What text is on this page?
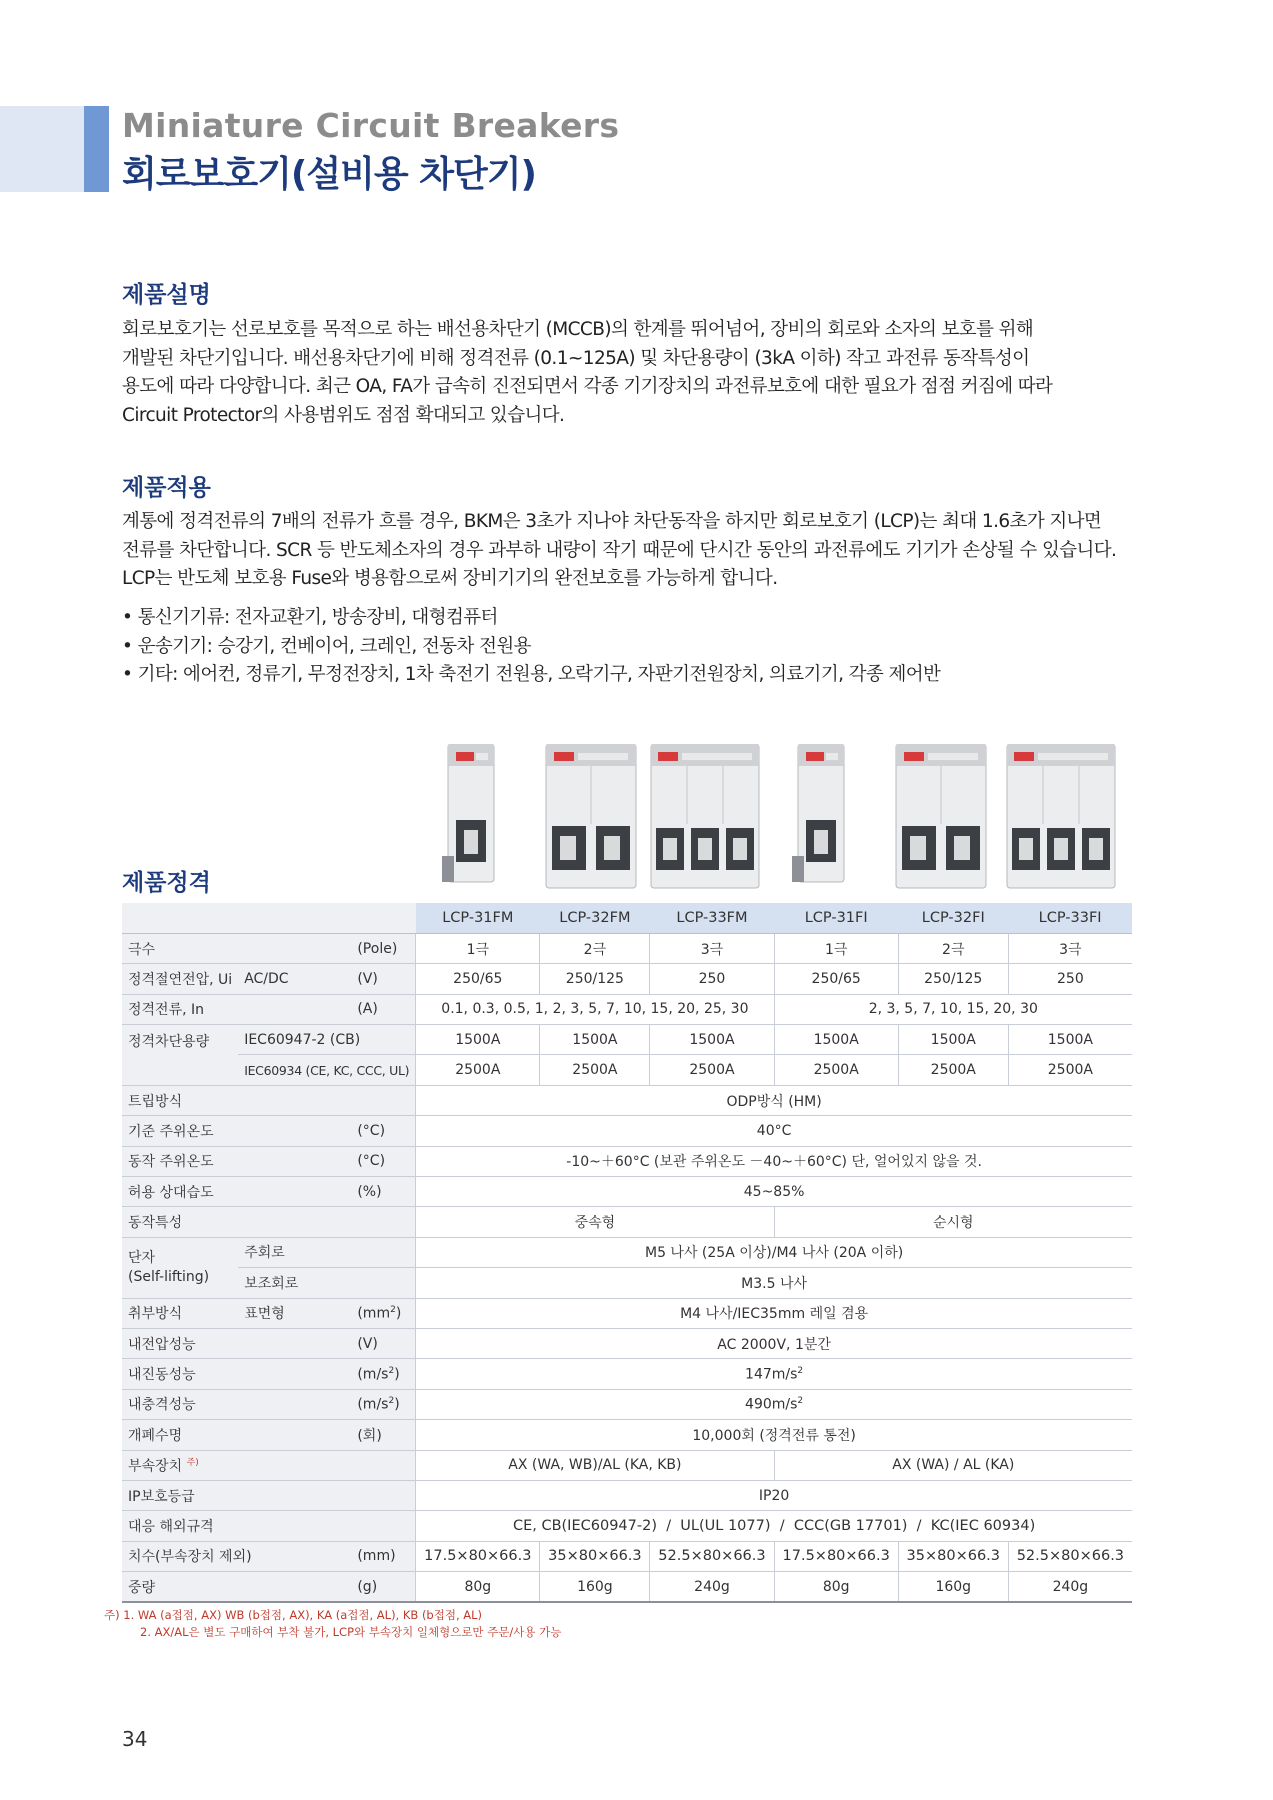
Miniature Circuit Breakers
회로보호기(설비용 차단기)
제품설명
회로보호기는 선로보호를 목적으로 하는 배선용차단기 (MCCB)의 한계를 뛰어넘어, 장비의 회로와 소자의 보호를 위해
개발된 차단기입니다. 배선용차단기에 비해 정격전류 (0.1~125A) 및 차단용량이 (3kA 이하) 작고 과전류 동작특성이
용도에 따라 다양합니다. 최근 OA, FA가 급속히 진전되면서 각종 기기장치의 과전류보호에 대한 필요가 점점 커짐에 따라
Circuit Protector의 사용범위도 점점 확대되고 있습니다.
제품적용
계통에 정격전류의 7배의 전류가 흐를 경우, BKM은 3초가 지나야 차단동작을 하지만 회로보호기 (LCP)는 최대 1.6초가 지나면
전류를 차단합니다. SCR 등 반도체소자의 경우 과부하 내량이 작기 때문에 단시간 동안의 과전류에도 기기가 손상될 수 있습니다.
LCP는 반도체 보호용 Fuse와 병용함으로써 장비기기의 완전보호를 가능하게 합니다.
• 통신기기류: 전자교환기, 방송장비, 대형컴퓨터
• 운송기기: 승강기, 컨베이어, 크레인, 전동차 전원용
• 기타: 에어컨, 정류기, 무정전장치, 1차 축전기 전원용, 오락기구, 자판기전원장치, 의료기기, 각종 제어반
제품정격
			LCP-31FM	LCP-32FM	LCP-33FM	LCP-31FI	LCP-32FI	LCP-33FI
극수		(Pole)	1극	2극	3극	1극	2극	3극
정격절연전압, Ui	AC/DC	(V)	250/65	250/125	250	250/65	250/125	250
정격전류, In		(A)	0.1, 0.3, 0.5, 1, 2, 3, 5, 7, 10, 15, 20, 25, 30			2, 3, 5, 7, 10, 15, 20, 30		
정격차단용량	IEC60947-2 (CB)		1500A	1500A	1500A	1500A	1500A	1500A
	IEC60934 (CE, KC, CCC, UL)		2500A	2500A	2500A	2500A	2500A	2500A
트립방식			ODP방식 (HM)					
기준 주위온도		(°C)	40°C					
동작 주위온도		(°C)	-10~＋60°C (보관 주위온도 －40~＋60°C) 단, 얼어있지 않을 것.					
허용 상대습도		(%)	45~85%					
동작특성			중속형			순시형		

단자
(Self-lifting)	주회로		M5 나사 (25A 이상)/M4 나사 (20A 이하)					
	보조회로		M3.5 나사					
취부방식	표면형	$(mm^2)$	M4 나사/IEC35mm 레일 겸용					
내전압성능		(V)	AC 2000V, 1분간					
내진동성능		$(m/s^2)$	$147m/s^2$
내충격성능		$(m/s^2)$	$490m/s^2$
개폐수명		(회)	10,000회 (정격전류 통전)					
부속장치 $^{주)}$			AX (WA, WB)/AL (KA, KB)			AX (WA) / AL (KA)		
IP보호등급			IP20					
대응 해외규격			CE, CB(IEC60947-2)  /  UL(UL 1077)  /  CCC(GB 17701)  /  KC(IEC 60934)					
치수(부속장치 제외)		(mm)	17.5×80×66.3	35×80×66.3	52.5×80×66.3	17.5×80×66.3	35×80×66.3	52.5×80×66.3
중량		(g)	80g	160g	240g	80g	160g	240g
주) 1. WA (a접점, AX) WB (b접점, AX), KA (a접점, AL), KB (b접점, AL)
2. AX/AL은 별도 구매하여 부착 불가, LCP와 부속장치 일체형으로만 주문/사용 가능
34
